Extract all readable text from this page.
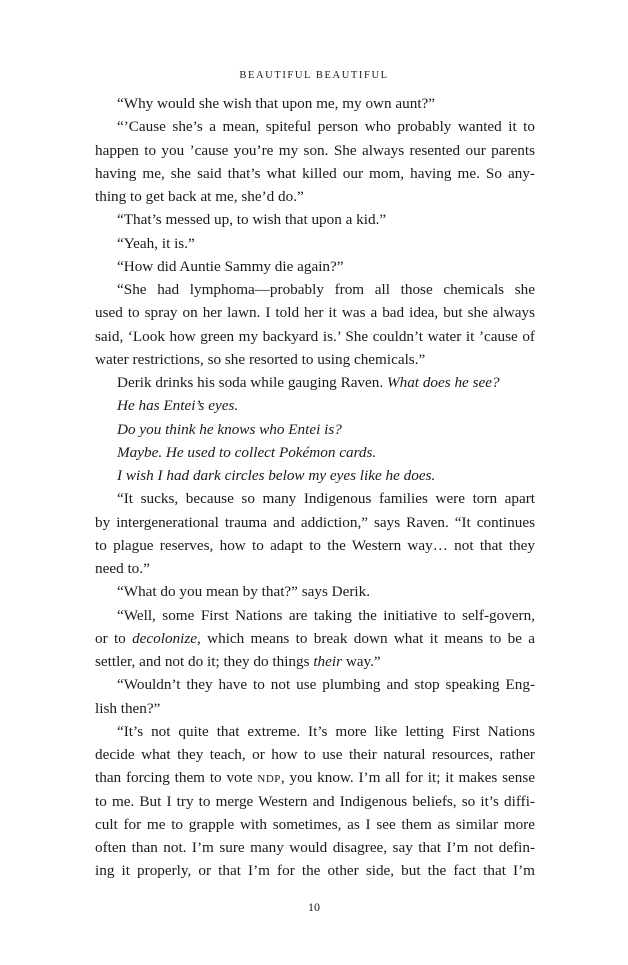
BEAUTIFUL BEAUTIFUL
“Why would she wish that upon me, my own aunt?”
“’Cause she’s a mean, spiteful person who probably wanted it to
happen to you ’cause you’re my son. She always resented our parents
having me, she said that’s what killed our mom, having me. So any-
thing to get back at me, she’d do.”
“That’s messed up, to wish that upon a kid.”
“Yeah, it is.”
“How did Auntie Sammy die again?”
“She had lymphoma—probably from all those chemicals she
used to spray on her lawn. I told her it was a bad idea, but she always
said, ‘Look how green my backyard is.’ She couldn’t water it ’cause of
water restrictions, so she resorted to using chemicals.”
Derik drinks his soda while gauging Raven. What does he see?
He has Entei’s eyes.
Do you think he knows who Entei is?
Maybe. He used to collect Pokémon cards.
I wish I had dark circles below my eyes like he does.
“It sucks, because so many Indigenous families were torn apart
by intergenerational trauma and addiction,” says Raven. “It continues
to plague reserves, how to adapt to the Western way… not that they
need to.”
“What do you mean by that?” says Derik.
“Well, some First Nations are taking the initiative to self-govern,
or to decolonize, which means to break down what it means to be a
settler, and not do it; they do things their way.”
“Wouldn’t they have to not use plumbing and stop speaking Eng-
lish then?”
“It’s not quite that extreme. It’s more like letting First Nations
decide what they teach, or how to use their natural resources, rather
than forcing them to vote NDP, you know. I’m all for it; it makes sense
to me. But I try to merge Western and Indigenous beliefs, so it’s diffi-
cult for me to grapple with sometimes, as I see them as similar more
often than not. I’m sure many would disagree, say that I’m not defin-
ing it properly, or that I’m for the other side, but the fact that I’m
10
